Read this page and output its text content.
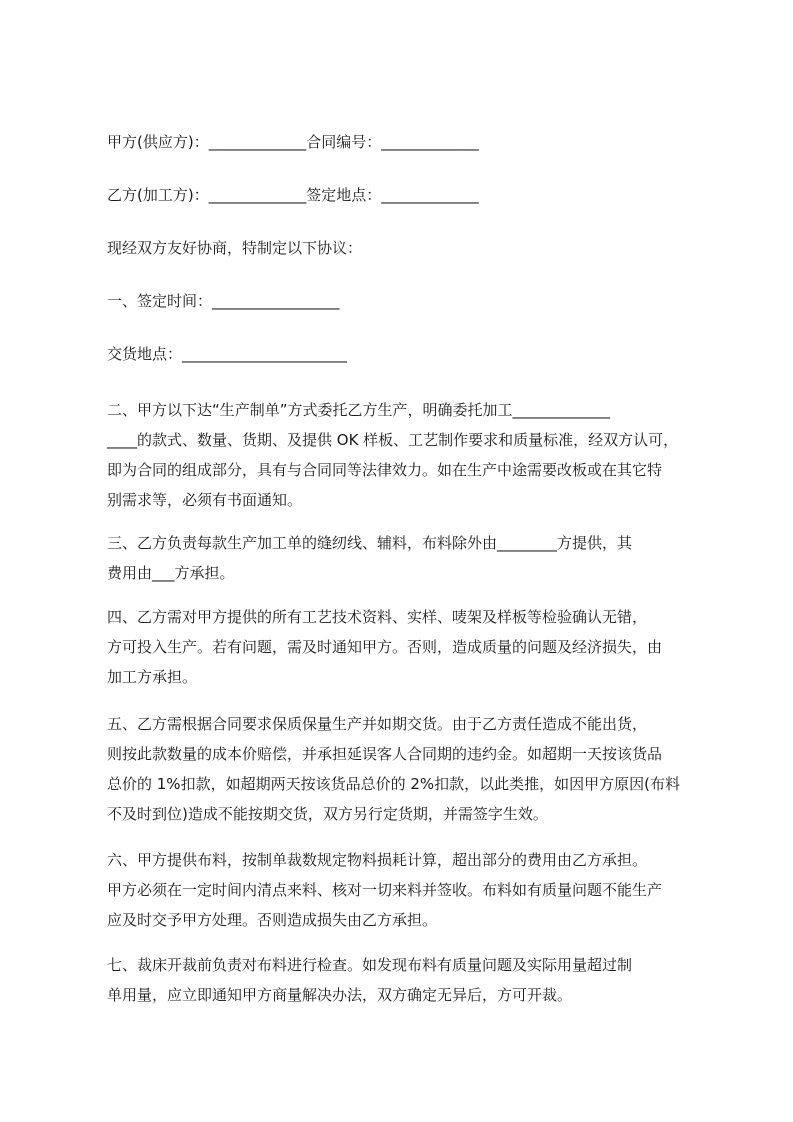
甲方(供应方)：_____________合同编号：_____________

乙方(加工方)：_____________签定地点：_____________

现经双方友好协商，特制定以下协议：

一、签定时间：_________________

交货地点：______________________

二、甲方以下达“生产制单”方式委托乙方生产，明确委托加工_____________
____的款式、数量、货期、及提供 OK 样板、工艺制作要求和质量标准，经双方认可，
即为合同的组成部分，具有与合同同等法律效力。如在生产中途需要改板或在其它特
别需求等，必须有书面通知。

三、乙方负责每款生产加工单的缝纫线、辅料，布料除外由________方提供，其
费用由___方承担。

四、乙方需对甲方提供的所有工艺技术资料、实样、唛架及样板等检验确认无错，
方可投入生产。若有问题，需及时通知甲方。否则，造成质量的问题及经济损失，由
加工方承担。

五、乙方需根据合同要求保质保量生产并如期交货。由于乙方责任造成不能出货，
则按此款数量的成本价赔偿，并承担延误客人合同期的违约金。如超期一天按该货品
总价的 1%扣款，如超期两天按该货品总价的 2%扣款，以此类推，如因甲方原因(布料
不及时到位)造成不能按期交货，双方另行定货期，并需签字生效。

六、甲方提供布料，按制单裁数规定物料损耗计算，超出部分的费用由乙方承担。
甲方必须在一定时间内清点来料、核对一切来料并签收。布料如有质量问题不能生产
应及时交予甲方处理。否则造成损失由乙方承担。

七、裁床开裁前负责对布料进行检查。如发现布料有质量问题及实际用量超过制
单用量，应立即通知甲方商量解决办法，双方确定无异后，方可开裁。
